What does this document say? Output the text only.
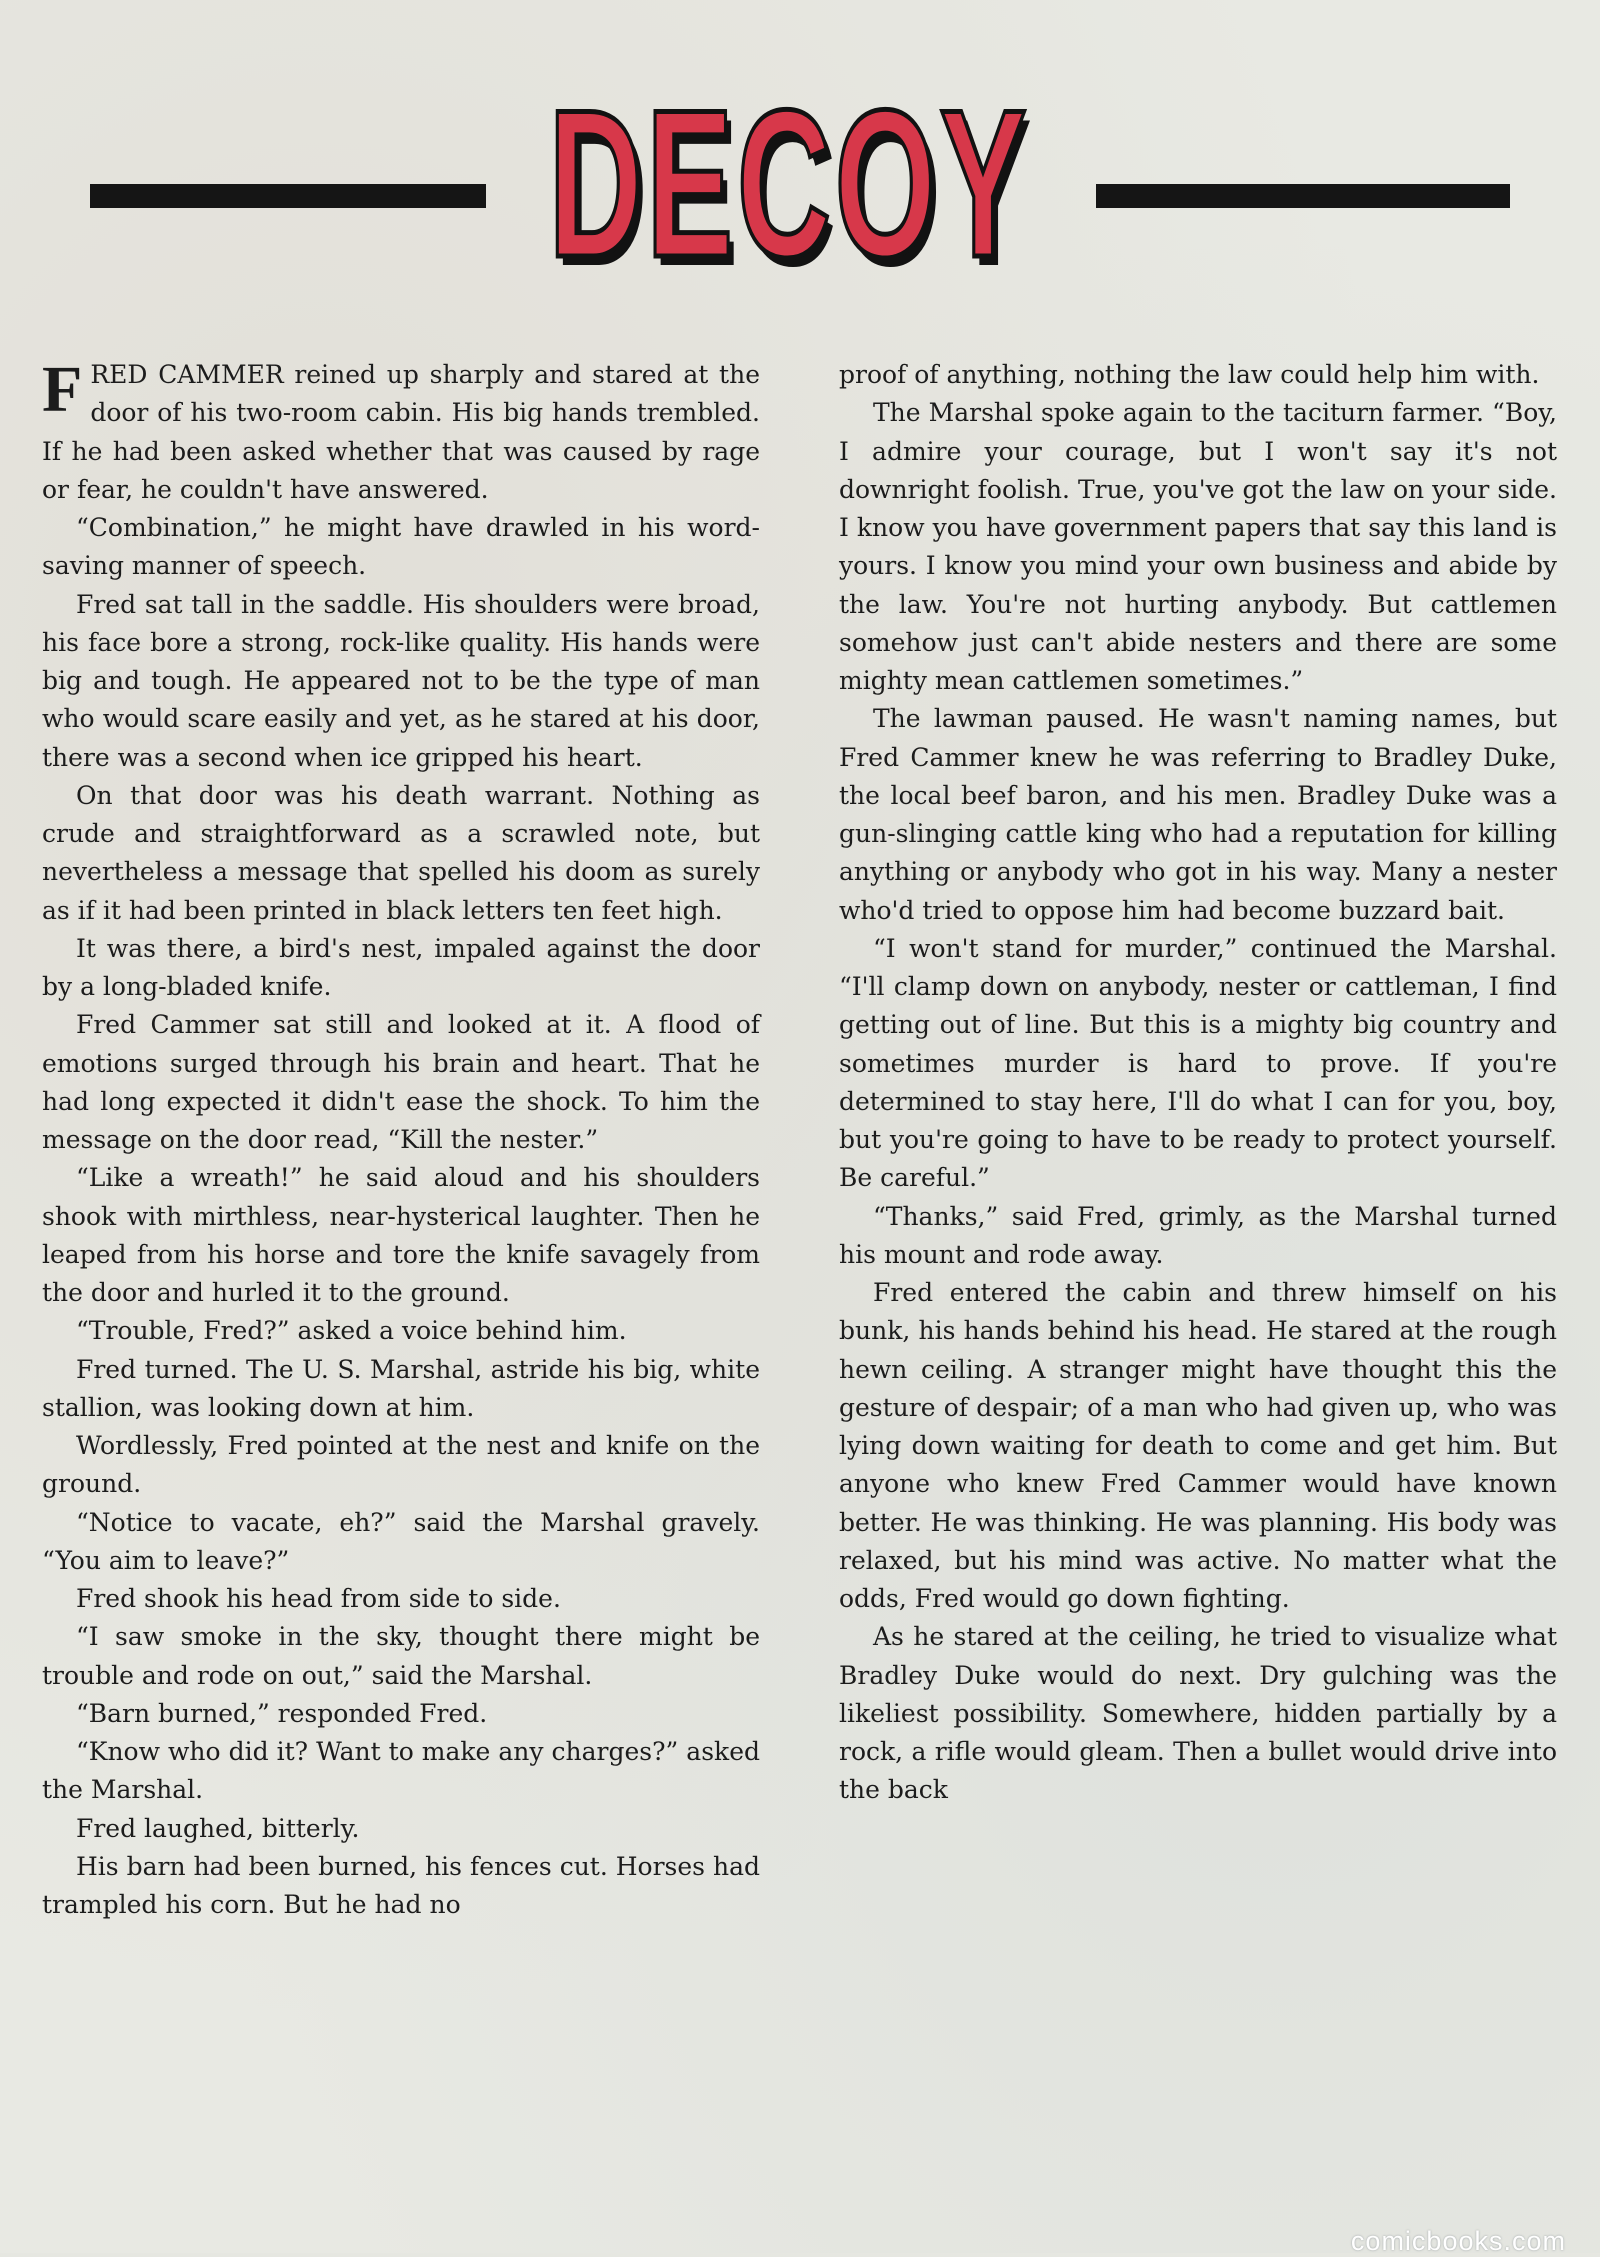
DECOY

FRED CAMMER reined up sharply and stared at the door of his two-room cabin. His big hands trembled. If he had been asked whether that was caused by rage or fear, he couldn't have answered.

“Combination,” he might have drawled in his word-saving manner of speech.

Fred sat tall in the saddle. His shoulders were broad, his face bore a strong, rock-like quality. His hands were big and tough. He appeared not to be the type of man who would scare easily and yet, as he stared at his door, there was a second when ice gripped his heart.

On that door was his death warrant. Nothing as crude and straightforward as a scrawled note, but nevertheless a message that spelled his doom as surely as if it had been printed in black letters ten feet high.

It was there, a bird's nest, impaled against the door by a long-bladed knife.

Fred Cammer sat still and looked at it. A flood of emotions surged through his brain and heart. That he had long expected it didn't ease the shock. To him the message on the door read, “Kill the nester.”

“Like a wreath!” he said aloud and his shoulders shook with mirthless, near-hysterical laughter. Then he leaped from his horse and tore the knife savagely from the door and hurled it to the ground.

“Trouble, Fred?” asked a voice behind him.

Fred turned. The U. S. Marshal, astride his big, white stallion, was looking down at him.

Wordlessly, Fred pointed at the nest and knife on the ground.

“Notice to vacate, eh?” said the Marshal gravely. “You aim to leave?”

Fred shook his head from side to side.

“I saw smoke in the sky, thought there might be trouble and rode on out,” said the Marshal.

“Barn burned,” responded Fred.

“Know who did it? Want to make any charges?” asked the Marshal.

Fred laughed, bitterly.

His barn had been burned, his fences cut. Horses had trampled his corn. But he had no

proof of anything, nothing the law could help him with.

The Marshal spoke again to the taciturn farmer. “Boy, I admire your courage, but I won't say it's not downright foolish. True, you've got the law on your side. I know you have government papers that say this land is yours. I know you mind your own business and abide by the law. You're not hurting anybody. But cattlemen somehow just can't abide nesters and there are some mighty mean cattlemen sometimes.”

The lawman paused. He wasn't naming names, but Fred Cammer knew he was referring to Bradley Duke, the local beef baron, and his men. Bradley Duke was a gun-slinging cattle king who had a reputation for killing anything or anybody who got in his way. Many a nester who'd tried to oppose him had become buzzard bait.

“I won't stand for murder,” continued the Marshal. “I'll clamp down on anybody, nester or cattleman, I find getting out of line. But this is a mighty big country and sometimes murder is hard to prove. If you're determined to stay here, I'll do what I can for you, boy, but you're going to have to be ready to protect yourself. Be careful.”

“Thanks,” said Fred, grimly, as the Marshal turned his mount and rode away.

Fred entered the cabin and threw himself on his bunk, his hands behind his head. He stared at the rough hewn ceiling. A stranger might have thought this the gesture of despair; of a man who had given up, who was lying down waiting for death to come and get him. But anyone who knew Fred Cammer would have known better. He was thinking. He was planning. His body was relaxed, but his mind was active. No matter what the odds, Fred would go down fighting.

As he stared at the ceiling, he tried to visualize what Bradley Duke would do next. Dry gulching was the likeliest possibility. Somewhere, hidden partially by a rock, a rifle would gleam. Then a bullet would drive into the back

comicbooks.com
